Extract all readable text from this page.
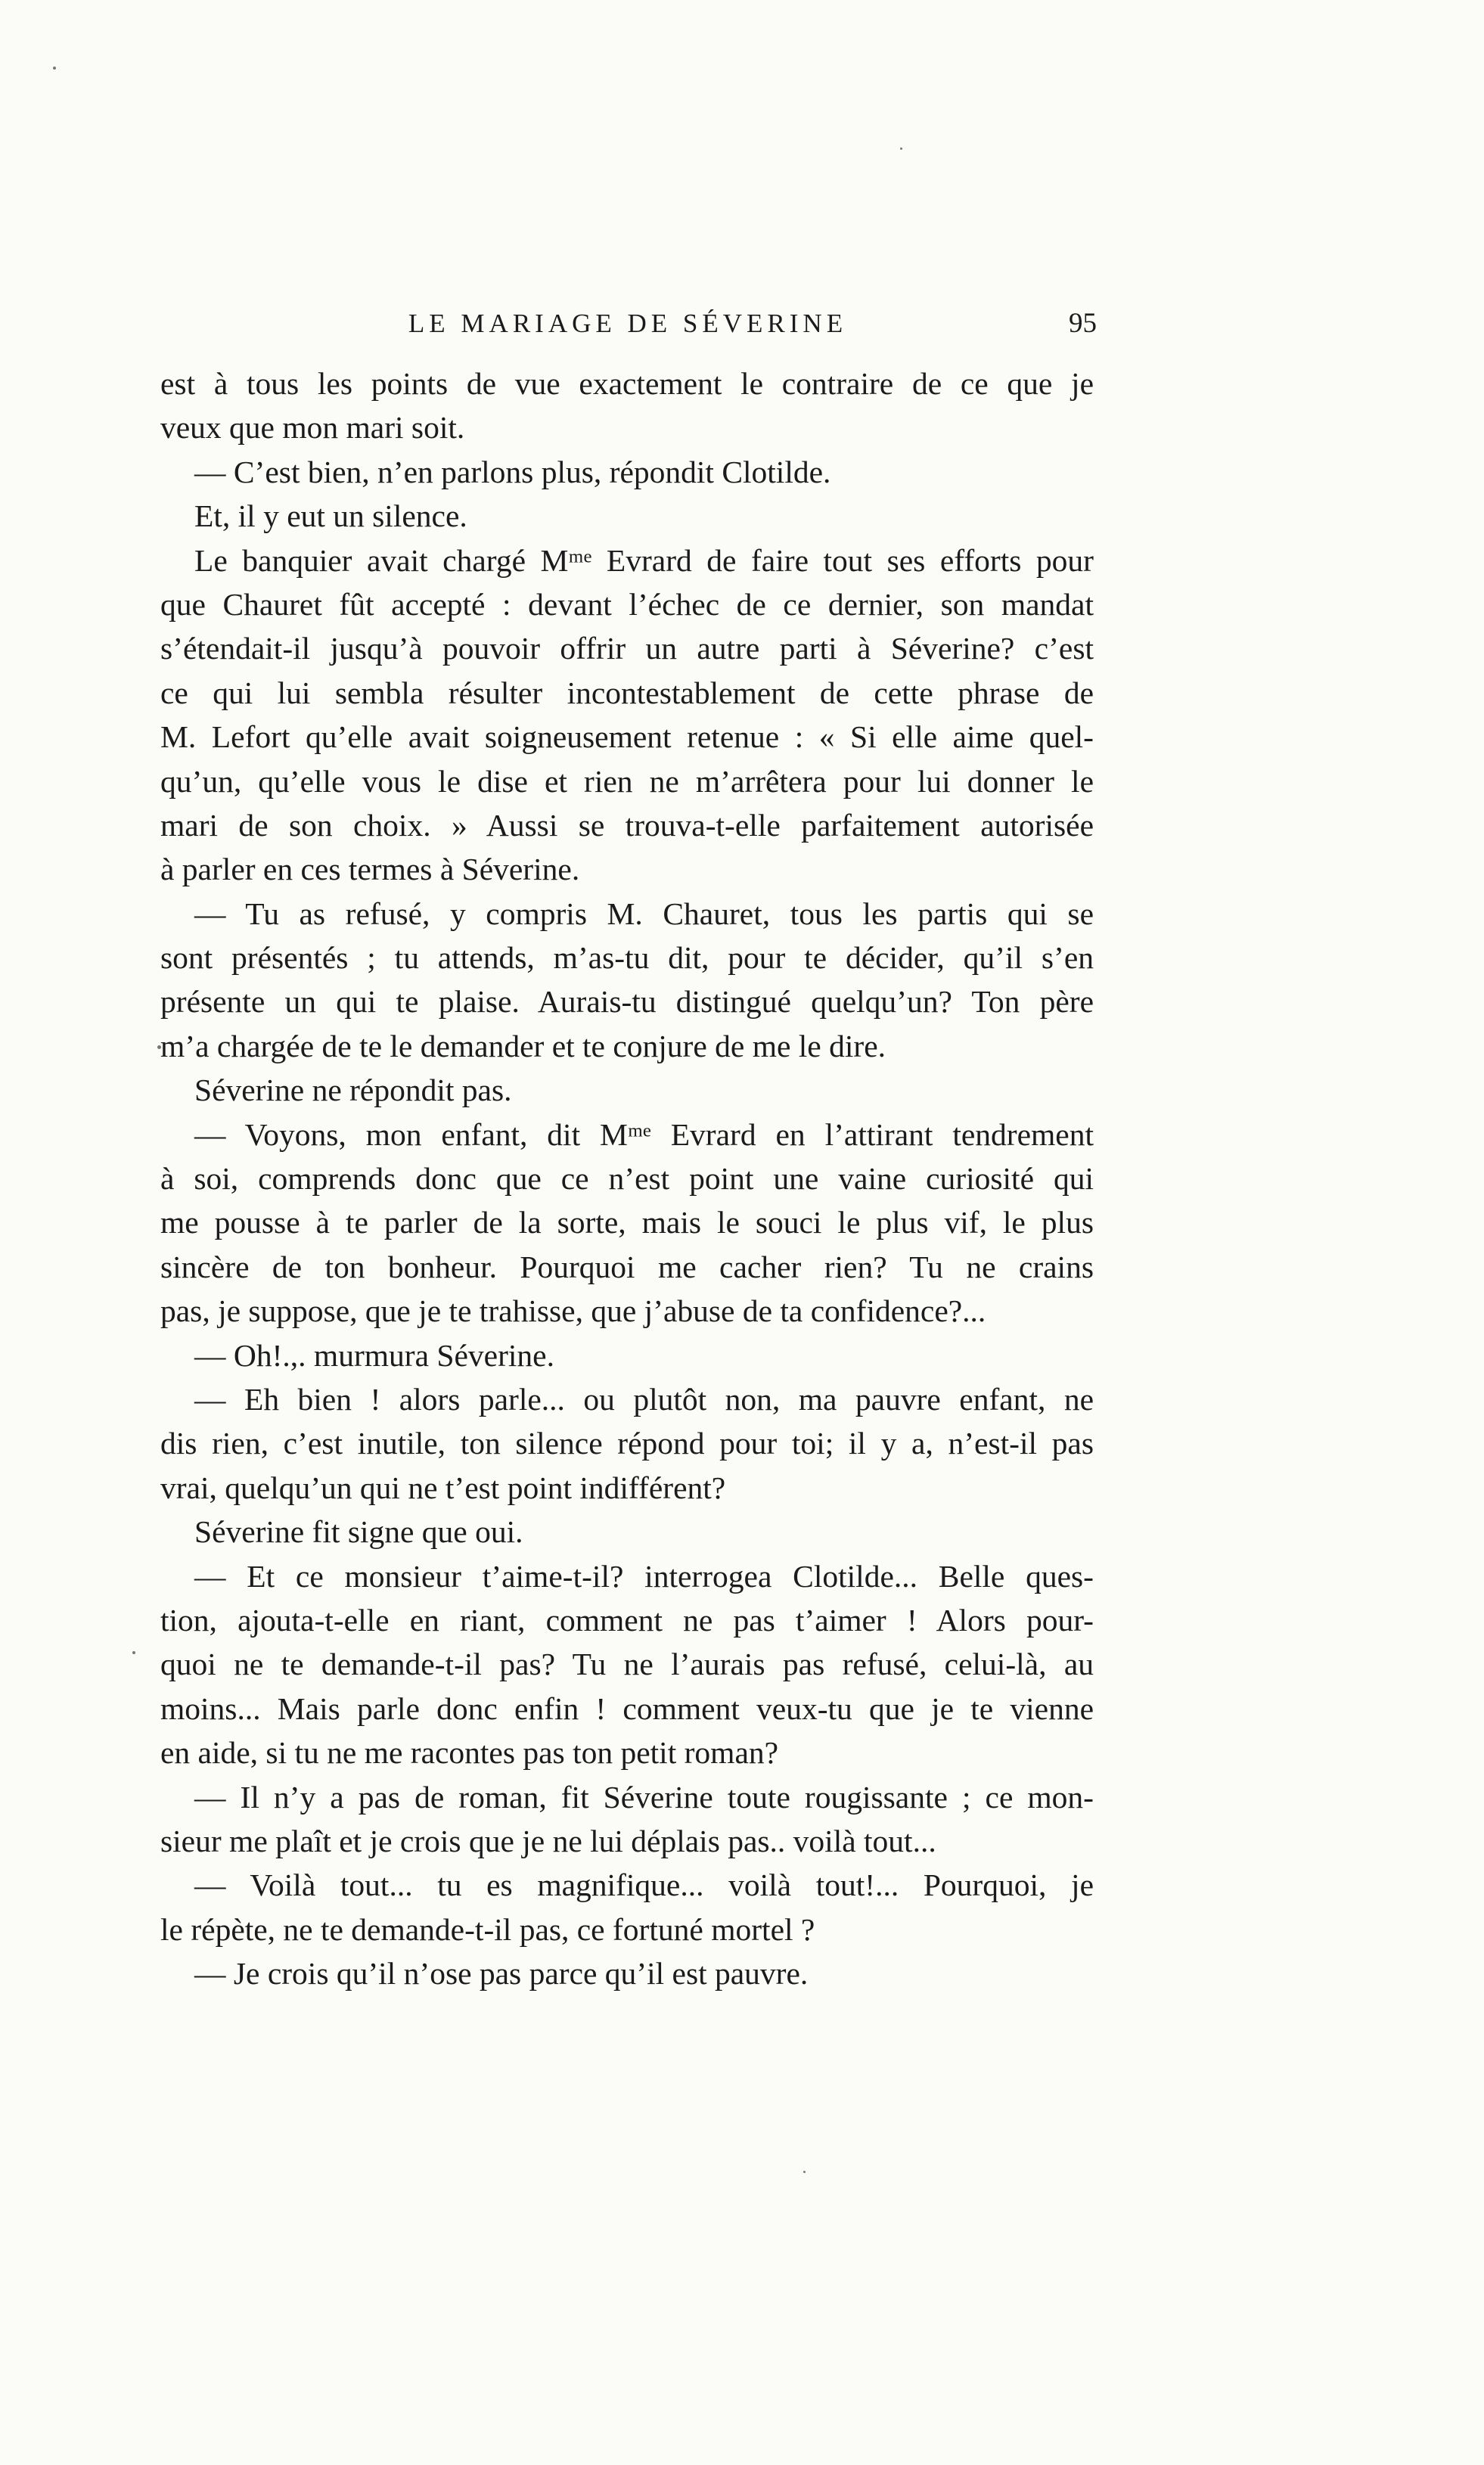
LE MARIAGE DE SÉVERINE	95
est à tous les points de vue exactement le contraire de ce que je
veux que mon mari soit.
— C’est bien, n’en parlons plus, répondit Clotilde.
Et, il y eut un silence.
Le banquier avait chargé Mᵐᵉ Evrard de faire tout ses efforts pour
que Chauret fût accepté : devant l’échec de ce dernier, son mandat
s’étendait-il jusqu’à pouvoir offrir un autre parti à Séverine? c’est
ce qui lui sembla résulter incontestablement de cette phrase de
M. Lefort qu’elle avait soigneusement retenue : « Si elle aime quel-
qu’un, qu’elle vous le dise et rien ne m’arrêtera pour lui donner le
mari de son choix. » Aussi se trouva-t-elle parfaitement autorisée
à parler en ces termes à Séverine.
— Tu as refusé, y compris M. Chauret, tous les partis qui se
sont présentés ; tu attends, m’as-tu dit, pour te décider, qu’il s’en
présente un qui te plaise. Aurais-tu distingué quelqu’un? Ton père
m’a chargée de te le demander et te conjure de me le dire.
Séverine ne répondit pas.
— Voyons, mon enfant, dit Mᵐᵉ Evrard en l’attirant tendrement
à soi, comprends donc que ce n’est point une vaine curiosité qui
me pousse à te parler de la sorte, mais le souci le plus vif, le plus
sincère de ton bonheur. Pourquoi me cacher rien? Tu ne crains
pas, je suppose, que je te trahisse, que j’abuse de ta confidence?...
— Oh!.,. murmura Séverine.
— Eh bien ! alors parle... ou plutôt non, ma pauvre enfant, ne
dis rien, c’est inutile, ton silence répond pour toi; il y a, n’est-il pas
vrai, quelqu’un qui ne t’est point indifférent?
Séverine fit signe que oui.
— Et ce monsieur t’aime-t-il? interrogea Clotilde... Belle ques-
tion, ajouta-t-elle en riant, comment ne pas t’aimer ! Alors pour-
quoi ne te demande-t-il pas? Tu ne l’aurais pas refusé, celui-là, au
moins... Mais parle donc enfin ! comment veux-tu que je te vienne
en aide, si tu ne me racontes pas ton petit roman?
— Il n’y a pas de roman, fit Séverine toute rougissante ; ce mon-
sieur me plaît et je crois que je ne lui déplais pas.. voilà tout...
— Voilà tout... tu es magnifique... voilà tout!... Pourquoi, je
le répète, ne te demande-t-il pas, ce fortuné mortel ?
— Je crois qu’il n’ose pas parce qu’il est pauvre.
